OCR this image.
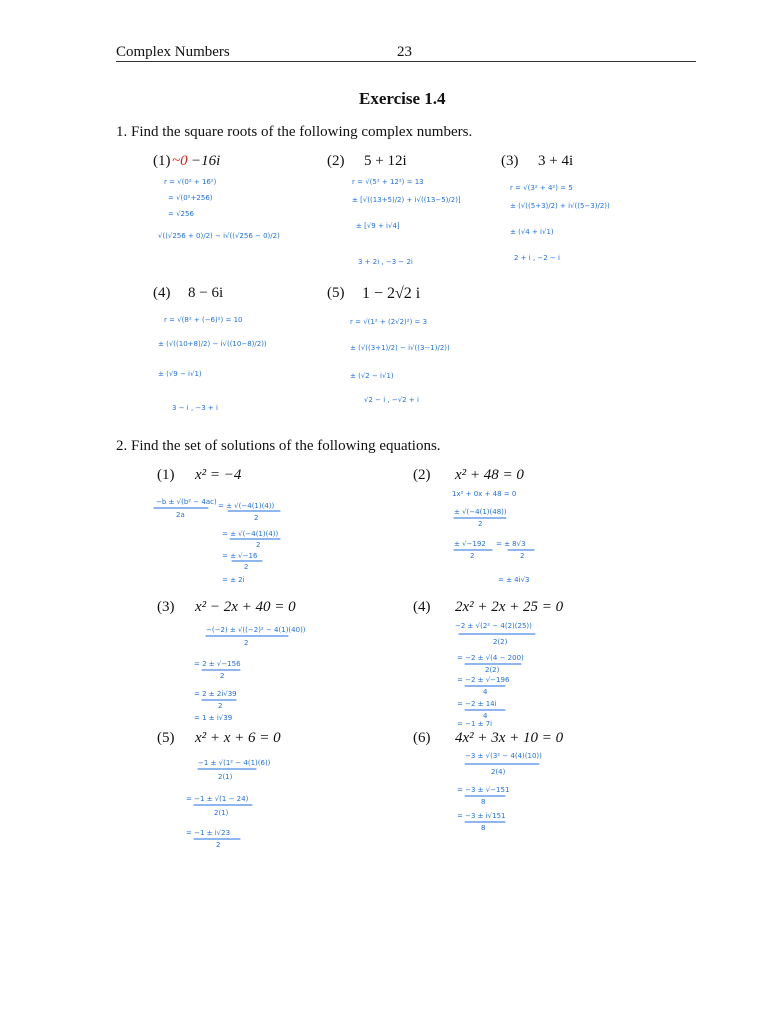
Complex Numbers	23
Exercise 1.4
1. Find the square roots of the following complex numbers.
(1) ~0 −16i	(2) 5 + 12i	(3) 3 + 4i
(4) 8 − 6i	(5) 1 − 2√2 i
r = √(0² + 16²)
= √(0²+256)
= √256
√((√256 + 0)/2) − i√((√256 − 0)/2)
r = √(5² + 12²) = 13
± [√((13+5)/2) + i√((13−5)/2)]
± [√9 + i√4]
3 + 2i , −3 − 2i
r = √(3² + 4²) = 5
± (√((5+3)/2) + i√((5−3)/2))
± (√4 + i√1)
2 + i , −2 − i
r = √(8² + (−6)²) = 10
± (√((10+8)/2) − i√((10−8)/2))
± (√9 − i√1)
3 − i , −3 + i
r = √(1² + (2√2)²) = 3
± (√((3+1)/2) − i√((3−1)/2))
± (√2 − i√1)
√2 − i , −√2 + i
2. Find the set of solutions of the following equations.
(1) x² = −4	(2) x² + 48 = 0
(3) x² − 2x + 40 = 0	(4) 2x² + 2x + 25 = 0
(5) x² + x + 6 = 0	(6) 4x² + 3x + 10 = 0
−b ± √(b² − 4ac)
2a
= ± √(−4(1)(4))
2
= ± √(−4(1)(4))
2
= ± √−16
2
= ± 2i
1x² + 0x + 48 = 0
± √(−4(1)(48))
2
± √−192
2
= ± 8√3
2
= ± 4i√3
−(−2) ± √((−2)² − 4(1)(40))
2
= 2 ± √−156
2
= 2 ± 2i√39
2
= 1 ± i√39
−2 ± √(2² − 4(2)(25))
2(2)
= −2 ± √(4 − 200)
2(2)
= −2 ± √−196
4
= −2 ± 14i
4
= −1 ± 7i
−1 ± √(1² − 4(1)(6))
2(1)
= −1 ± √(1 − 24)
2(1)
= −1 ± i√23
2
−3 ± √(3² − 4(4)(10))
2(4)
= −3 ± √−151
8
= −3 ± i√151
8
